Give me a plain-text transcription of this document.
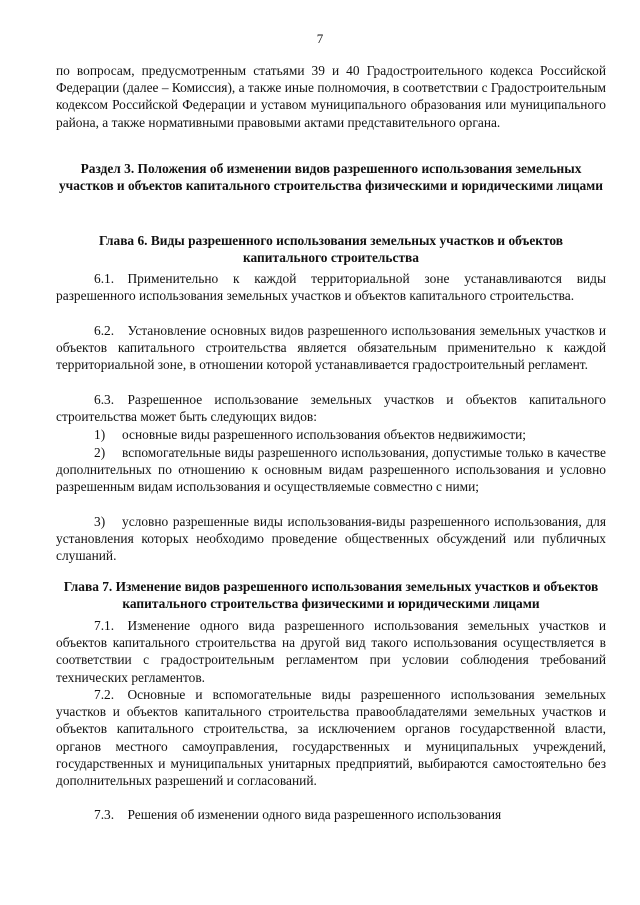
7

по вопросам, предусмотренным статьями 39 и 40 Градостроительного кодекса Российской Федерации (далее – Комиссия), а также иные полномочия, в соответствии с Градостроительным кодексом Российской Федерации и уставом муниципального образования или муниципального района, а также нормативными правовыми актами представительного органа.

Раздел 3. Положения об изменении видов разрешенного использования земельных участков и объектов капитального строительства физическими и юридическими лицами

Глава 6. Виды разрешенного использования земельных участков и объектов капитального строительства

6.1. Применительно к каждой территориальной зоне устанавливаются виды разрешенного использования земельных участков и объектов капитального строительства.

6.2. Установление основных видов разрешенного использования земельных участков и объектов капитального строительства является обязательным применительно к каждой территориальной зоне, в отношении которой устанавливается градостроительный регламент.

6.3. Разрешенное использование земельных участков и объектов капитального строительства может быть следующих видов:

1)	основные виды разрешенного использования объектов недвижимости;
2)	вспомогательные виды разрешенного использования, допустимые только в качестве дополнительных по отношению к основным видам разрешенного использования и условно разрешенным видам использования и осуществляемые совместно с ними;
3)	условно разрешенные виды использования-виды разрешенного использования, для установления которых необходимо проведение общественных обсуждений или публичных слушаний.

Глава 7. Изменение видов разрешенного использования земельных участков и объектов капитального строительства физическими и юридическими лицами

7.1. Изменение одного вида разрешенного использования земельных участков и объектов капитального строительства на другой вид такого использования осуществляется в соответствии с градостроительным регламентом при условии соблюдения требований технических регламентов.

7.2. Основные и вспомогательные виды разрешенного использования земельных участков и объектов капитального строительства правообладателями земельных участков и объектов капитального строительства, за исключением органов государственной власти, органов местного самоуправления, государственных и муниципальных учреждений, государственных и муниципальных унитарных предприятий, выбираются самостоятельно без дополнительных разрешений и согласований.

7.3. Решения об изменении одного вида разрешенного использования
